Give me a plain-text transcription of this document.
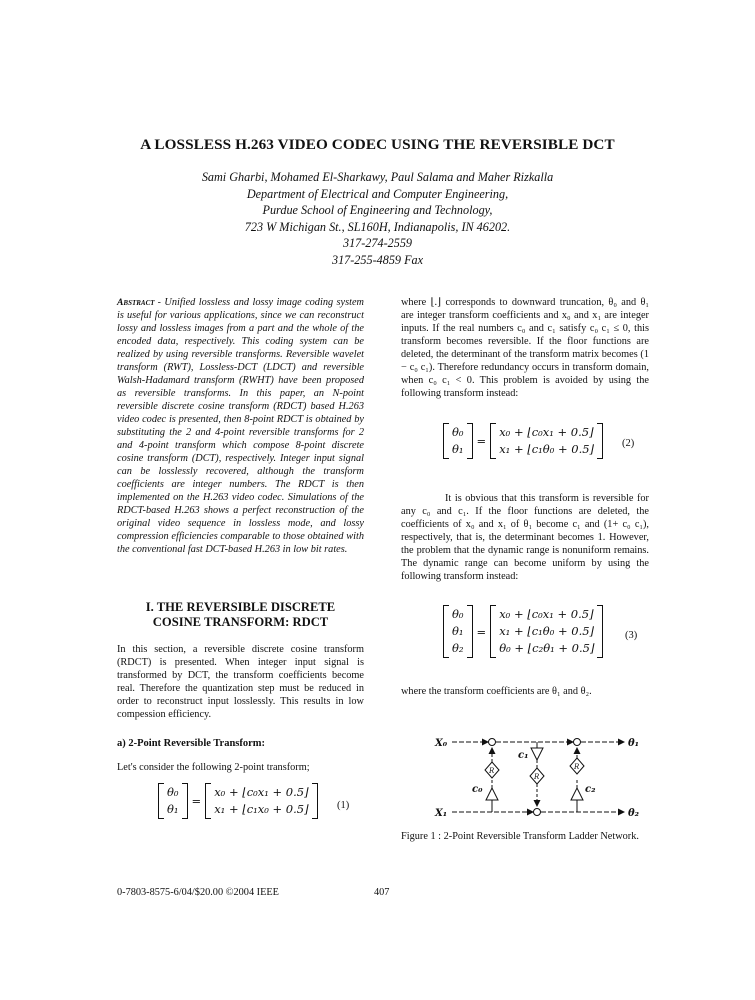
A LOSSLESS H.263 VIDEO CODEC USING THE REVERSIBLE DCT
Sami Gharbi, Mohamed El-Sharkawy, Paul Salama and Maher Rizkalla
Department of Electrical and Computer Engineering,
Purdue School of Engineering and Technology,
723 W Michigan St., SL160H, Indianapolis, IN 46202.
317-274-2559
317-255-4859 Fax
Abstract - Unified lossless and lossy image coding system is useful for various applications, since we can reconstruct lossy and lossless images from a part and the whole of the encoded data, respectively. This coding system can be realized by using reversible transforms. Reversible wavelet transform (RWT), Lossless-DCT (LDCT) and reversible Walsh-Hadamard transform (RWHT) have been proposed as reversible transforms. In this paper, an N-point reversible discrete cosine transform (RDCT) based H.263 video codec is presented, then 8-point RDCT is obtained by substituting the 2 and 4-point reversible transforms for 2 and 4-point transform which compose 8-point discrete cosine transform (DCT), respectively. Integer input signal can be losslessly recovered, although the transform coefficients are integer numbers. The RDCT is then implemented on the H.263 video codec. Simulations of the RDCT-based H.263 shows a perfect reconstruction of the original video sequence in lossless mode, and lossy compression efficiencies comparable to those obtained with the conventional fast DCT-based H.263 in low bit rates.
I. THE REVERSIBLE DISCRETE
COSINE TRANSFORM: RDCT
In this section, a reversible discrete cosine transform (RDCT) is presented. When integer input signal is transformed by DCT, the transform coefficients become real. Therefore the quantization step must be reduced in order to reconstruct input losslessly. This results in low compession efficiency.
a) 2-Point Reversible Transform:
Let's consider the following 2-point transform;
θ₀
θ₁
=
x₀ + ⌊c₀x₁ + 0.5⌋
x₁ + ⌊c₁x₀ + 0.5⌋	(1)
where ⌊.⌋ corresponds to downward truncation, θ₀ and θ₁ are integer transform coefficients and x₀ and x₁ are integer inputs. If the real numbers c₀ and c₁ satisfy c₀ c₁ ≤ 0, this transform becomes reversible. If the floor functions are deleted, the determinant of the transform matrix becomes (1 − c₀ c₁). Therefore redundancy occurs in transform domain, when c₀ c₁ < 0. This problem is avoided by using the following transform instead:
θ₀
θ₁
=
x₀ + ⌊c₀x₁ + 0.5⌋
x₁ + ⌊c₁θ₀ + 0.5⌋	(2)
It is obvious that this transform is reversible for any c₀ and c₁. If the floor functions are deleted, the coefficients of x₀ and x₁ of θ₁ become c₁ and (1+ c₀ c₁), respectively, that is, the determinant becomes 1. However, the problem that the dynamic range is nonuniform remains. The dynamic range can become uniform by using the following transform instead:
θ₀
θ₁
θ₂
=
x₀ + ⌊c₀x₁ + 0.5⌋
x₁ + ⌊c₁θ₀ + 0.5⌋
θ₀ + ⌊c₂θ₁ + 0.5⌋
(3)
where the transform coefficients are θ₁ and θ₂.
X₀
X₁
θ₁
θ₂
c₀
c₁
c₂
R
R
R
Figure 1 : 2-Point Reversible Transform Ladder Network.
0-7803-8575-6/04/$20.00 ©2004 IEEE	407
